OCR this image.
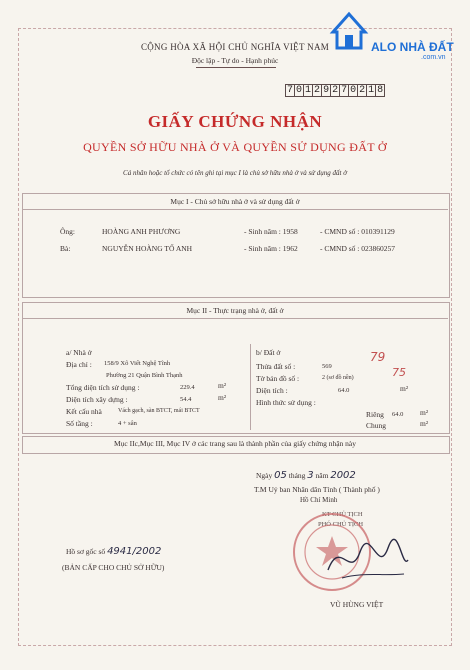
ALO NHÀ ĐẤT
.com.vn
CỘNG HÒA XÃ HỘI CHỦ NGHĨA VIỆT NAM
Độc lập - Tự do - Hạnh phúc
7 0 1 2 9 2 7 0 2 1 8
GIẤY CHỨNG NHẬN
QUYỀN SỞ HỮU NHÀ Ở VÀ QUYỀN SỬ DỤNG ĐẤT Ở
Cá nhân hoặc tổ chức có tên ghi tại mục I là chủ sở hữu nhà ở và sử dụng đất ở
Mục I - Chủ sở hữu nhà ở và sử dụng đất ở
Ông:	HOÀNG ANH PHƯƠNG	- Sinh năm : 1958	- CMND số : 010391129
Bà:	NGUYỄN HOÀNG TỐ ANH	- Sinh năm : 1962	- CMND số : 023860257
Mục II - Thực trạng nhà ở, đất ở
a/ Nhà ở
Địa chỉ : 158/9 Xô Viết Nghệ Tĩnh
Phường 21 Quận Bình Thạnh
Tổng diện tích sử dụng :	229.4	m²
Diện tích xây dựng :	54.4	m²
Kết cấu nhà	Vách gạch, sàn BTCT, mái BTCT
Số tầng :	4 + sân
b/ Đất ở
Thửa đất số :	569
79
Tờ bản đồ số :	2 (sơ đồ nền)	75
Diện tích :	64.0	m²
Hình thức sử dụng :
Riêng 64.0 m²
Chung	m²
Mục IIc,Mục III, Mục IV ở các trang sau là thành phần của giấy chứng nhận này
Ngày 05 tháng 3 năm 2002
T.M Uỷ ban Nhân dân Tỉnh ( Thành phố )
Hồ Chí Minh
KT CHỦ TỊCH
PHÓ CHỦ TỊCH
VŨ HÙNG VIỆT
Hồ sơ gốc số 4941/2002
(BẢN CẤP CHO CHỦ SỞ HỮU)
